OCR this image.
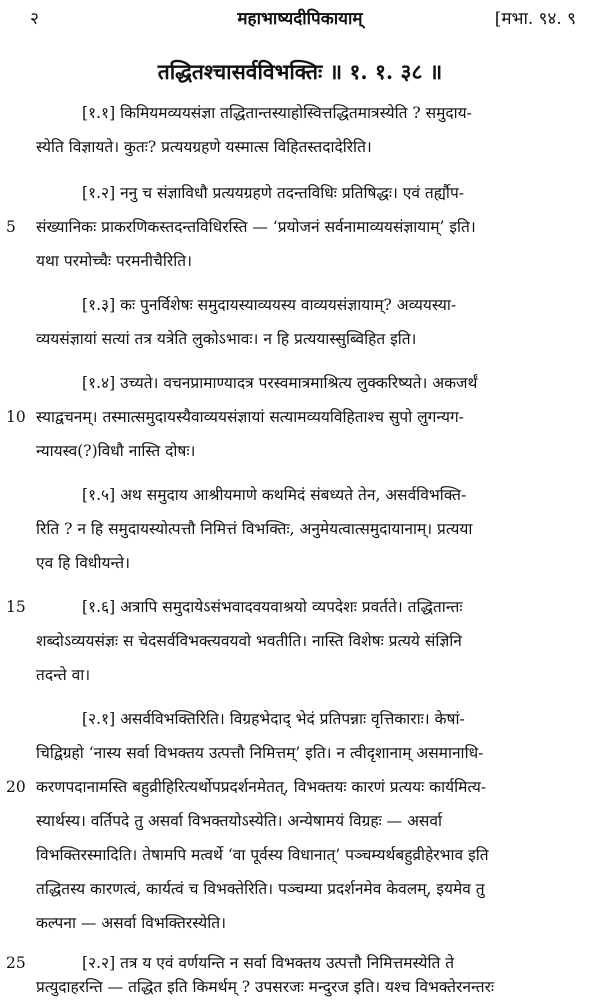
२	महाभाष्यदीपिकायाम्	[मभा. ९४. ९
तद्धितश्चासर्वविभक्तिः ॥ १. १. ३८ ॥
[१.१] किमियमव्ययसंज्ञा तद्धितान्तस्याहोस्वित्तद्धितमात्रस्येति ? समुदाय-
स्येति विज्ञायते। कुतः? प्रत्ययग्रहणे यस्मात्स विहितस्तदादेरिति।
[१.२] ननु च संज्ञाविधौ प्रत्ययग्रहणे तदन्तविधिः प्रतिषिद्धः। एवं तर्ह्यौप-
5	संख्यानिकः प्राकरणिकस्तदन्तविधिरस्ति — ‘प्रयोजनं सर्वनामाव्ययसंज्ञायाम्’ इति।
यथा परमोच्चैः परमनीचैरिति।
[१.३] कः पुनर्विशेषः समुदायस्याव्ययस्य वाव्ययसंज्ञायाम्? अव्ययस्या-
व्ययसंज्ञायां सत्यां तत्र यत्रेति लुकोऽभावः। न हि प्रत्ययास्सुब्विहित इति।
[१.४] उच्यते। वचनप्रामाण्यादत्र परस्वमात्रमाश्रित्य लुक्करिष्यते। अकजर्थं
10 स्याद्वचनम्। तस्मात्समुदायस्यैवाव्ययसंज्ञायां सत्यामव्ययविहिताश्च सुपो लुगन्यग-
न्यायस्व(?)विधौ नास्ति दोषः।
[१.५] अथ समुदाय आश्रीयमाणे कथमिदं संबध्यते तेन, असर्वविभक्ति-
रिति ? न हि समुदायस्योत्पत्तौ निमित्तं विभक्तिः, अनुमेयत्वात्समुदायानाम्। प्रत्यया
एव हि विधीयन्ते।
15	[१.६] अत्रापि समुदायेऽसंभवादवयवाश्रयो व्यपदेशः प्रवर्तते। तद्धितान्तः
शब्दोऽव्ययसंज्ञः स चेदसर्वविभक्त्यवयवो भवतीति। नास्ति विशेषः प्रत्यये संज्ञिनि
तदन्ते वा।
[२.१] असर्वविभक्तिरिति। विग्रहभेदाद् भेदं प्रतिपन्नाः वृत्तिकाराः। केषां-
चिद्विग्रहो ‘नास्य सर्वा विभक्तय उत्पत्तौ निमित्तम्’ इति। न त्वीदृशानाम् असमानाधि-
20 करणपदानामस्ति बहुव्रीहिरित्यर्थोपप्रदर्शनमेतत्, विभक्तयः कारणं प्रत्ययः कार्यमित्य-
स्यार्थस्य। वर्तिपदे तु असर्वा विभक्तयोऽस्येति। अन्येषामयं विग्रहः — असर्वा
विभक्तिरस्मादिति। तेषामपि मत्वर्थे ‘वा पूर्वस्य विधानात्’ पञ्चम्यर्थबहुव्रीहेरभाव इति
तद्धितस्य कारणत्वं, कार्यत्वं च विभक्तेरिति। पञ्चम्या प्रदर्शनमेव केवलम्, इयमेव तु
कल्पना — असर्वा विभक्तिरस्येति।
25	[२.२] तत्र य एवं वर्णयन्ति न सर्वा विभक्तय उत्पत्तौ निमित्तमस्येति ते
प्रत्युदाहरन्ति — तद्धित इति किमर्थम् ? उपसरजः मन्दुरज इति। यश्च विभक्तेरनन्तरः
